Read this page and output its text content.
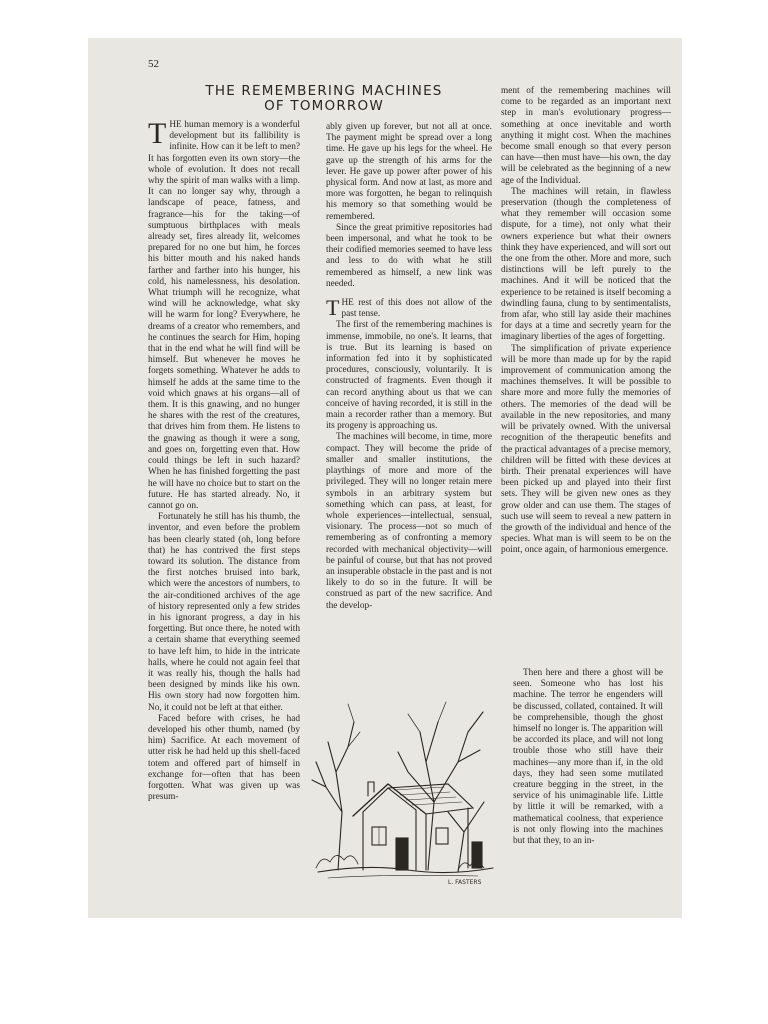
52
THE REMEMBERING MACHINES
OF TOMORROW

THE human memory is a wonderful development but its fallibility is infinite. How can it be left to men? It has forgotten even its own story—the whole of evolution. It does not recall why the spirit of man walks with a limp. It can no longer say why, through a landscape of peace, fatness, and fragrance—his for the taking—of sumptuous birthplaces with meals already set, fires already lit, welcomes prepared for no one but him, he forces his bitter mouth and his naked hands farther and farther into his hunger, his cold, his namelessness, his desolation. What triumph will he recognize, what wind will he acknowledge, what sky will he warm for long? Everywhere, he dreams of a creator who remembers, and he continues the search for Him, hoping that in the end what he will find will be himself. But whenever he moves he forgets something. Whatever he adds to himself he adds at the same time to the void which gnaws at his organs—all of them. It is this gnawing, and no hunger he shares with the rest of the creatures, that drives him from them. He listens to the gnawing as though it were a song, and goes on, forgetting even that. How could things be left in such hazard? When he has finished forgetting the past he will have no choice but to start on the future. He has started already. No, it cannot go on.

Fortunately he still has his thumb, the inventor, and even before the problem has been clearly stated (oh, long before that) he has contrived the first steps toward its solution. The distance from the first notches bruised into bark, which were the ancestors of numbers, to the air-conditioned archives of the age of history represented only a few strides in his ignorant progress, a day in his forgetting. But once there, he noted with a certain shame that everything seemed to have left him, to hide in the intricate halls, where he could not again feel that it was really his, though the halls had been designed by minds like his own. His own story had now forgotten him. No, it could not be left at that either.

Faced before with crises, he had developed his other thumb, named (by him) Sacrifice. At each movement of utter risk he had held up this shell-faced totem and offered part of himself in exchange for—often that has been forgotten. What was given up was presum-

ably given up forever, but not all at once. The payment might be spread over a long time. He gave up his legs for the wheel. He gave up the strength of his arms for the lever. He gave up power after power of his physical form. And now at last, as more and more was forgotten, he began to relinquish his memory so that something would be remembered.

Since the great primitive repositories had been impersonal, and what he took to be their codified memories seemed to have less and less to do with what he still remembered as himself, a new link was needed.

THE rest of this does not allow of the past tense.

The first of the remembering machines is immense, immobile, no one's. It learns, that is true. But its learning is based on information fed into it by sophisticated procedures, consciously, voluntarily. It is constructed of fragments. Even though it can record anything about us that we can conceive of having recorded, it is still in the main a recorder rather than a memory. But its progeny is approaching us.

The machines will become, in time, more compact. They will become the pride of smaller and smaller institutions, the playthings of more and more of the privileged. They will no longer retain mere symbols in an arbitrary system but something which can pass, at least, for whole experiences—intellectual, sensual, visionary. The process—not so much of remembering as of confronting a memory recorded with mechanical objectivity—will be painful of course, but that has not proved an insuperable obstacle in the past and is not likely to do so in the future. It will be construed as part of the new sacrifice. And the develop-

ment of the remembering machines will come to be regarded as an important next step in man's evolutionary progress—something at once inevitable and worth anything it might cost. When the machines become small enough so that every person can have—then must have—his own, the day will be celebrated as the beginning of a new age of the Individual.

The machines will retain, in flawless preservation (though the completeness of what they remember will occasion some dispute, for a time), not only what their owners experience but what their owners think they have experienced, and will sort out the one from the other. More and more, such distinctions will be left purely to the machines. And it will be noticed that the experience to be retained is itself becoming a dwindling fauna, clung to by sentimentalists, from afar, who still lay aside their machines for days at a time and secretly yearn for the imaginary liberties of the ages of forgetting.

The simplification of private experience will be more than made up for by the rapid improvement of communication among the machines themselves. It will be possible to share more and more fully the memories of others. The memories of the dead will be available in the new repositories, and many will be privately owned. With the universal recognition of the therapeutic benefits and the practical advantages of a precise memory, children will be fitted with these devices at birth. Their prenatal experiences will have been picked up and played into their first sets. They will be given new ones as they grow older and can use them. The stages of such use will seem to reveal a new pattern in the growth of the individual and hence of the species. What man is will seem to be on the point, once again, of harmonious emergence.

Then here and there a ghost will be seen. Someone who has lost his machine. The terror he engenders will be discussed, collated, contained. It will be comprehensible, though the ghost himself no longer is. The apparition will be accorded its place, and will not long trouble those who still have their machines—any more than if, in the old days, they had seen some mutilated creature begging in the street, in the service of his unimaginable life. Little by little it will be remarked, with a mathematical coolness, that experience is not only flowing into the machines but that they, to an in-

L. FASTERS
